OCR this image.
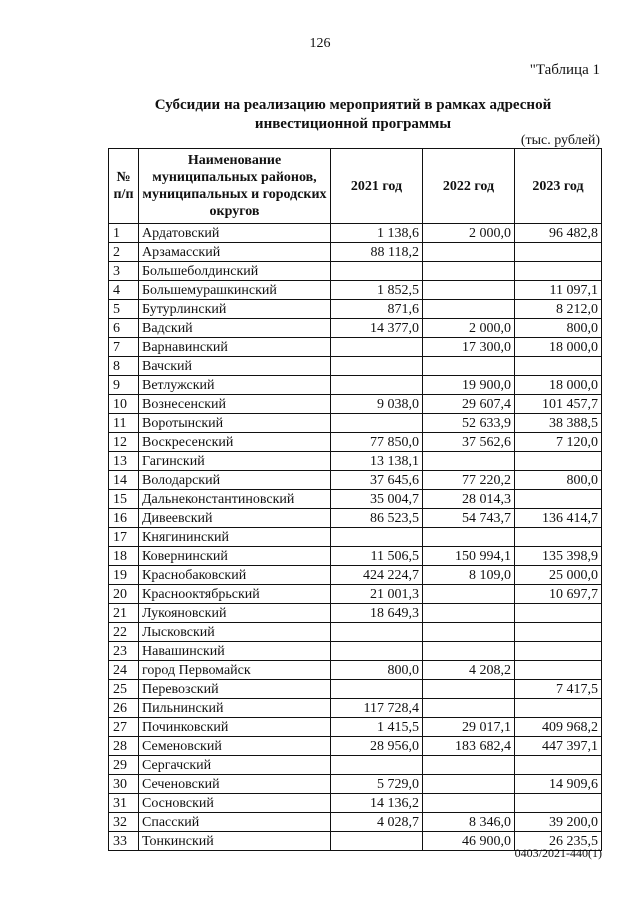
126
"Таблица 1
Субсидии на реализацию мероприятий в рамках адресной
инвестиционной программы
(тыс. рублей)
№ п/п	Наименование муниципальных районов, муниципальных и городских округов	2021 год	2022 год	2023 год
1	Ардатовский	1 138,6	2 000,0	96 482,8
2	Арзамасский	88 118,2		
3	Большеболдинский			
4	Большемурашкинский	1 852,5		11 097,1
5	Бутурлинский	871,6		8 212,0
6	Вадский	14 377,0	2 000,0	800,0
7	Варнавинский		17 300,0	18 000,0
8	Вачский			
9	Ветлужский		19 900,0	18 000,0
10	Вознесенский	9 038,0	29 607,4	101 457,7
11	Воротынский		52 633,9	38 388,5
12	Воскресенский	77 850,0	37 562,6	7 120,0
13	Гагинский	13 138,1		
14	Володарский	37 645,6	77 220,2	800,0
15	Дальнеконстантиновский	35 004,7	28 014,3	
16	Дивеевский	86 523,5	54 743,7	136 414,7
17	Княгининский			
18	Ковернинский	11 506,5	150 994,1	135 398,9
19	Краснобаковский	424 224,7	8 109,0	25 000,0
20	Краснооктябрьский	21 001,3		10 697,7
21	Лукояновский	18 649,3		
22	Лысковский			
23	Навашинский			
24	город Первомайск	800,0	4 208,2	
25	Перевозский			7 417,5
26	Пильнинский	117 728,4		
27	Починковский	1 415,5	29 017,1	409 968,2
28	Семеновский	28 956,0	183 682,4	447 397,1
29	Сергачский			
30	Сеченовский	5 729,0		14 909,6
31	Сосновский	14 136,2		
32	Спасский	4 028,7	8 346,0	39 200,0
33	Тонкинский		46 900,0	26 235,5
0403/2021-440(1)
